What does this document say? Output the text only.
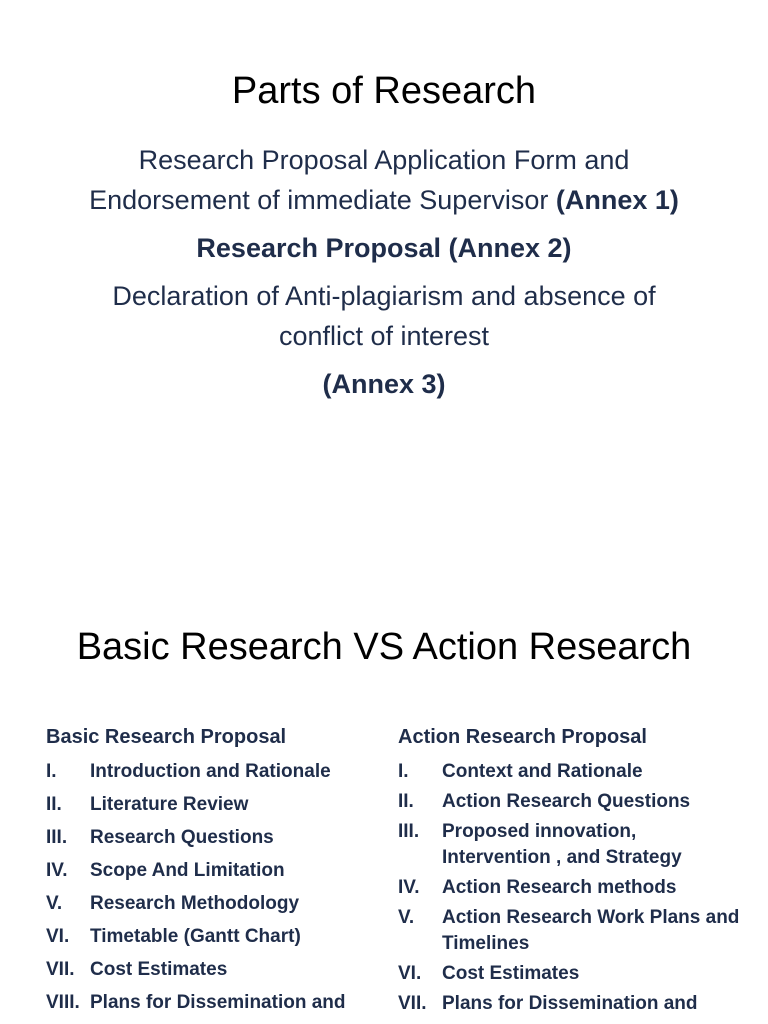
Parts of Research

Research Proposal Application Form and Endorsement of immediate Supervisor (Annex 1)

Research Proposal (Annex 2)

Declaration of Anti-plagiarism and absence of conflict of interest

(Annex 3)

Basic Research VS Action Research

Basic Research Proposal

I.	Introduction and Rationale
II.	Literature Review
III.	Research Questions
IV.	Scope And Limitation
V.	Research Methodology
VI.	Timetable (Gantt Chart)
VII. Cost Estimates
VIII. Plans for Dissemination and

Action Research Proposal

I.	Context and Rationale
II.	Action Research Questions
III.	Proposed innovation, Intervention , and Strategy
IV.	Action Research methods
V.	Action Research Work Plans and Timelines
VI.	Cost Estimates
VII. Plans for Dissemination and
